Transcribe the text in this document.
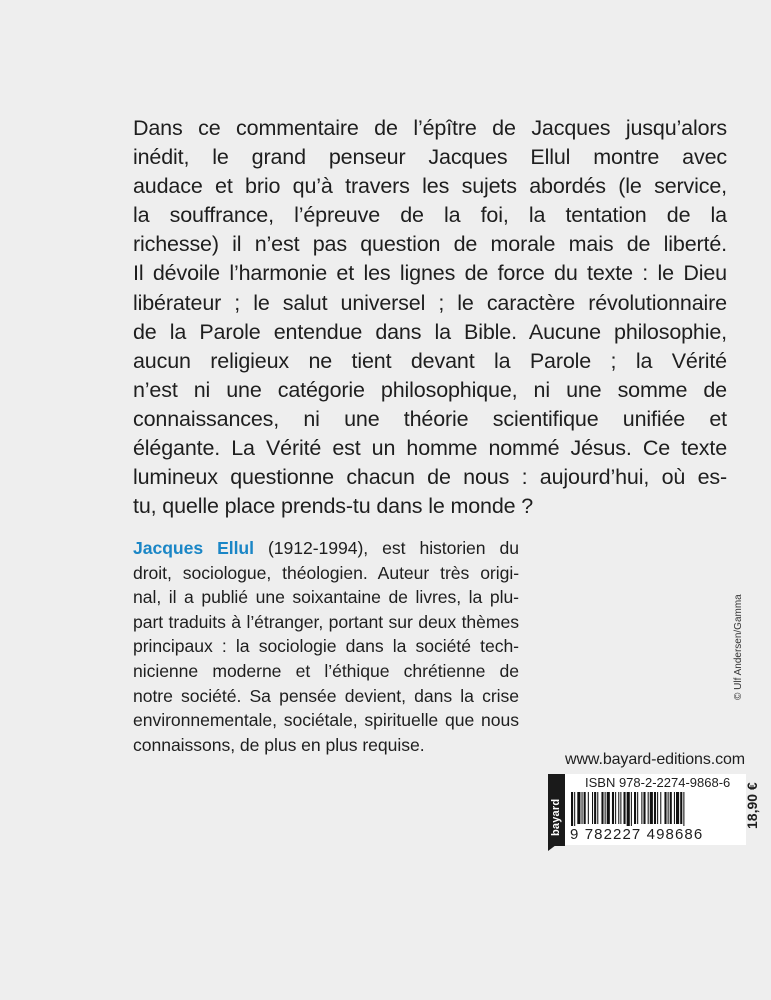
Dans ce commentaire de l’épître de Jacques jusqu’alors
inédit, le grand penseur Jacques Ellul montre avec
audace et brio qu’à travers les sujets abordés (le service,
la souffrance, l’épreuve de la foi, la tentation de la
richesse) il n’est pas question de morale mais de liberté.
Il dévoile l’harmonie et les lignes de force du texte : le Dieu
libérateur ; le salut universel ; le caractère révolutionnaire
de la Parole entendue dans la Bible. Aucune philosophie,
aucun religieux ne tient devant la Parole ; la Vérité
n’est ni une catégorie philosophique, ni une somme de
connaissances, ni une théorie scientifique unifiée et
élégante. La Vérité est un homme nommé Jésus. Ce texte
lumineux questionne chacun de nous : aujourd’hui, où es-
tu, quelle place prends-tu dans le monde ?
Jacques Ellul (1912-1994), est historien du
droit, sociologue, théologien. Auteur très origi-
nal, il a publié une soixantaine de livres, la plu-
part traduits à l’étranger, portant sur deux thèmes
principaux : la sociologie dans la société tech-
nicienne moderne et l’éthique chrétienne de
notre société. Sa pensée devient, dans la crise
environnementale, sociétale, spirituelle que nous
connaissons, de plus en plus requise.
© Ulf Andersen/Gamma
www.bayard-editions.com
bayard
ISBN 978-2-2274-9868-6
9 782227 498686
18,90 €
